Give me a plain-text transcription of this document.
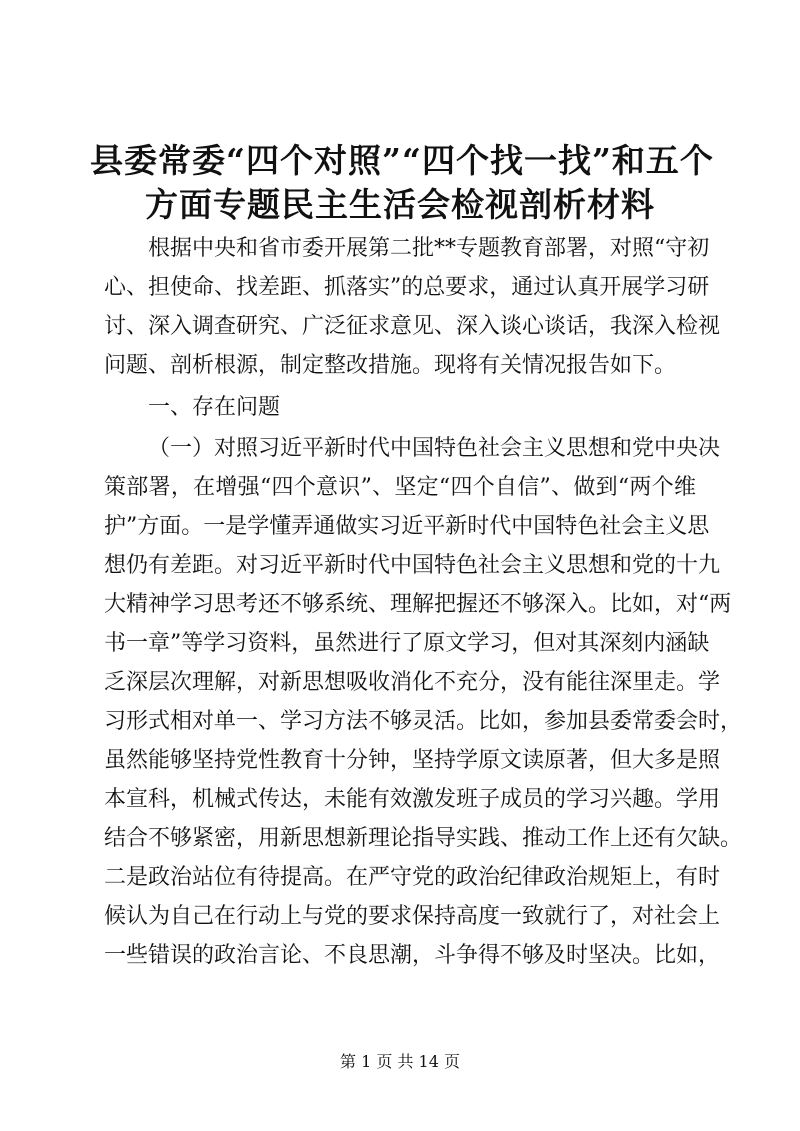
县委常委“四个对照”“四个找一找”和五个
方面专题民主生活会检视剖析材料
根据中央和省市委开展第二批**专题教育部署，对照“守初
心、担使命、找差距、抓落实”的总要求，通过认真开展学习研
讨、深入调查研究、广泛征求意见、深入谈心谈话，我深入检视
问题、剖析根源，制定整改措施。现将有关情况报告如下。
一、存在问题
（一）对照习近平新时代中国特色社会主义思想和党中央决
策部署，在增强“四个意识”、坚定“四个自信”、做到“两个维
护”方面。一是学懂弄通做实习近平新时代中国特色社会主义思
想仍有差距。对习近平新时代中国特色社会主义思想和党的十九
大精神学习思考还不够系统、理解把握还不够深入。比如，对“两
书一章”等学习资料，虽然进行了原文学习，但对其深刻内涵缺
乏深层次理解，对新思想吸收消化不充分，没有能往深里走。学
习形式相对单一、学习方法不够灵活。比如，参加县委常委会时，
虽然能够坚持党性教育十分钟，坚持学原文读原著，但大多是照
本宣科，机械式传达，未能有效激发班子成员的学习兴趣。学用
结合不够紧密，用新思想新理论指导实践、推动工作上还有欠缺。
二是政治站位有待提高。在严守党的政治纪律政治规矩上，有时
候认为自己在行动上与党的要求保持高度一致就行了，对社会上
一些错误的政治言论、不良思潮，斗争得不够及时坚决。比如，
第 1 页 共 14 页
